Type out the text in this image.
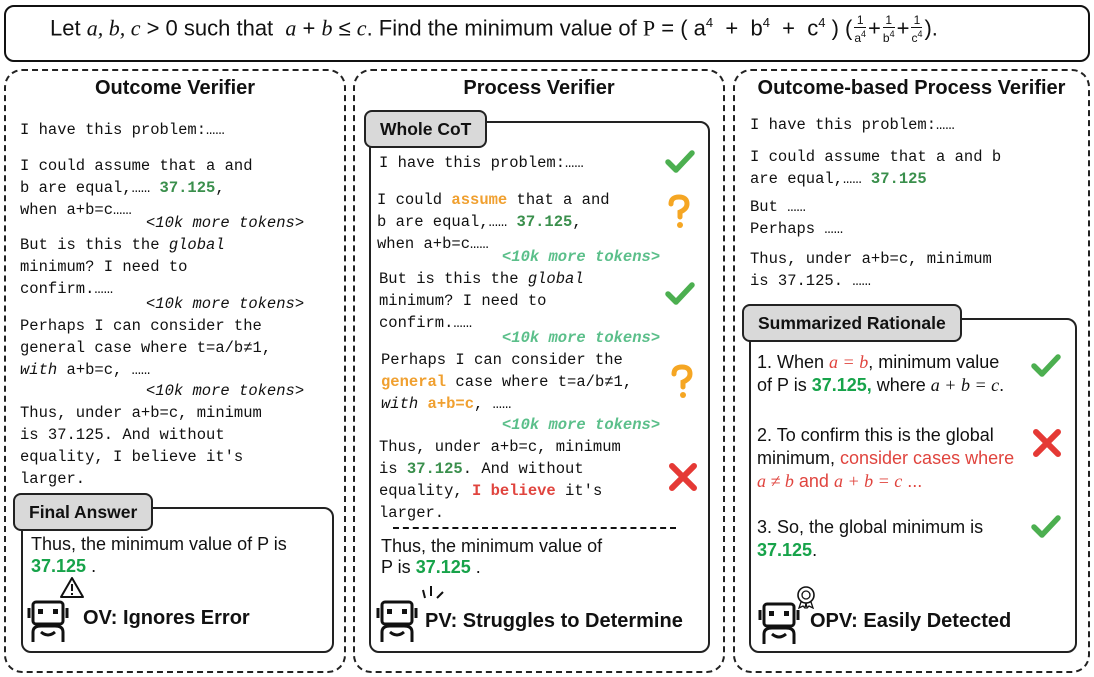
Let a, b, c > 0 such that  a + b ≤ c. Find the minimum value of P = ( $a^4 + b^4 + c^4$ ) ( $\frac{1}{a^4} + \frac{1}{b^4} + \frac{1}{c^4}$ ).
Outcome Verifier
I have this problem:……
I could assume that a and
b are equal,…… 37.125,
when a+b=c……
<10k more tokens>
But is this the global
minimum? I need to
confirm.……
<10k more tokens>
Perhaps I can consider the
general case where t=a/b≠1,
with a+b=c, ……
<10k more tokens>
Thus, under a+b=c, minimum
is 37.125. And without
equality, I believe it's
larger.
Final Answer
Thus, the minimum value of P is
37.125 .
OV: Ignores Error
Process Verifier
Whole CoT
I have this problem:……
I could assume that a and
b are equal,…… 37.125,
when a+b=c……
<10k more tokens>
But is this the global
minimum? I need to
confirm.……
<10k more tokens>
Perhaps I can consider the
general case where t=a/b≠1,
with a+b=c, ……
<10k more tokens>
Thus, under a+b=c, minimum
is 37.125. And without
equality, I believe it's
larger.
Thus, the minimum value of
P is 37.125 .
PV: Struggles to Determine
Outcome-based Process Verifier
I have this problem:……
I could assume that a and b
are equal,…… 37.125
But ……
Perhaps ……
Thus, under a+b=c, minimum
is 37.125. ……
Summarized Rationale
1. When a = b, minimum value
of P is 37.125, where a + b = c.
2. To confirm this is the global
minimum, consider cases where
a ≠ b and a + b = c ...
3. So, the global minimum is
37.125.
OPV: Easily Detected
